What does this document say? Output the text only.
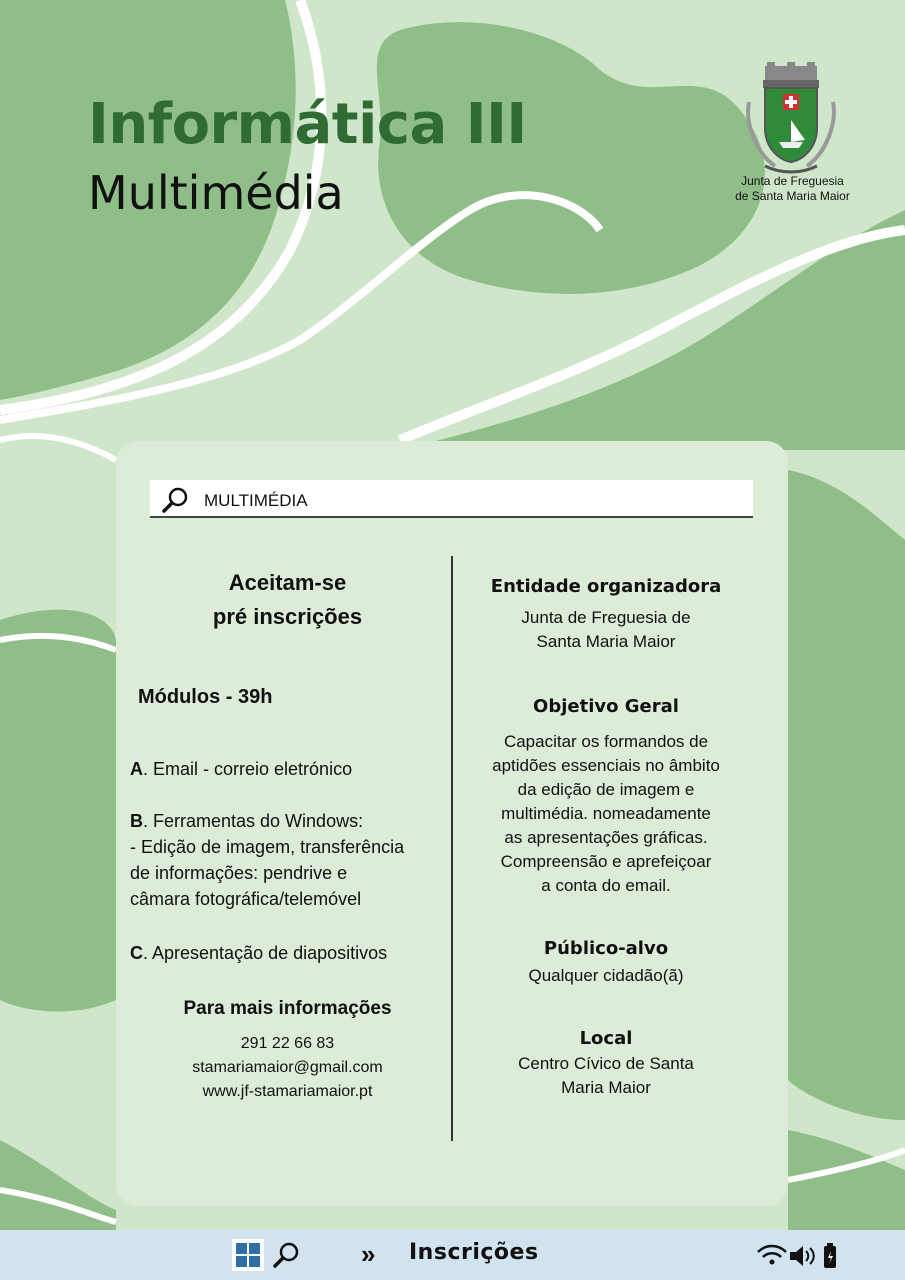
Informática III
Multimédia	Junta de Freguesia
de Santa Maria Maior
MULTIMÉDIA
Aceitam-se
pré inscrições
Módulos - 39h
A. Email - correio eletrónico
B. Ferramentas do Windows:
- Edição de imagem, transferência
de informações: pendrive e
câmara fotográfica/telemóvel
C. Apresentação de diapositivos
Para mais informações
291 22 66 83
stamariamaior@gmail.com
www.jf-stamariamaior.pt
Entidade organizadora
Junta de Freguesia de
Santa Maria Maior
Objetivo Geral
Capacitar os formandos de
aptidões essenciais no âmbito
da edição de imagem e
multimédia. nomeadamente
as apresentações gráficas.
Compreensão e aprefeiçoar
a conta do email.
Público-alvo
Qualquer cidadão(ã)
Local
Centro Cívico de Santa
Maria Maior
» Inscrições
